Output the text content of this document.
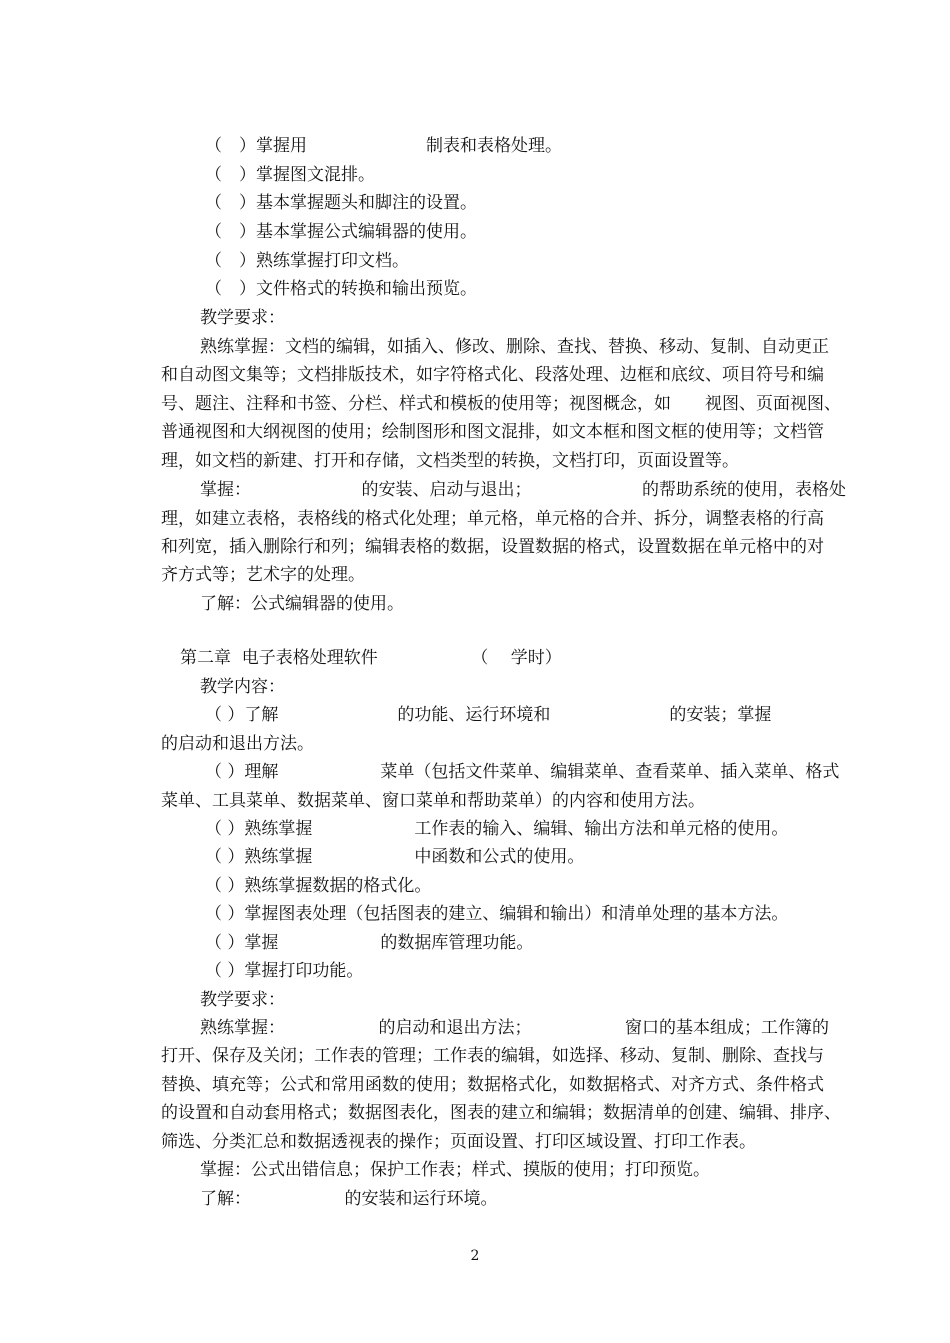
（　）掌握用　　　　　　　制表和表格处理。
（　）掌握图文混排。
（　）基本掌握题头和脚注的设置。
（　）基本掌握公式编辑器的使用。
（　）熟练掌握打印文档。
（　）文件格式的转换和输出预览。
教学要求：
熟练掌握：文档的编辑，如插入、修改、删除、查找、替换、移动、复制、自动更正
和自动图文集等；文档排版技术，如字符格式化、段落处理、边框和底纹、项目符号和编
号、题注、注释和书签、分栏、样式和模板的使用等；视图概念，如　　视图、页面视图、
普通视图和大纲视图的使用；绘制图形和图文混排，如文本框和图文框的使用等；文档管
理，如文档的新建、打开和存储，文档类型的转换，文档打印，页面设置等。
掌握：　　　　　　　的安装、启动与退出；　　　　　　　的帮助系统的使用，表格处
理，如建立表格，表格线的格式化处理；单元格，单元格的合并、拆分，调整表格的行高
和列宽，插入删除行和列；编辑表格的数据，设置数据的格式，设置数据在单元格中的对
齐方式等；艺术字的处理。
了解：公式编辑器的使用。
第二章  电子表格处理软件　　　　　　（　 学时）
教学内容：
（ ）了解　　　　　　　的功能、运行环境和　　　　　　　的安装；掌握
的启动和退出方法。
（ ）理解　　　　　　菜单（包括文件菜单、编辑菜单、查看菜单、插入菜单、格式
菜单、工具菜单、数据菜单、窗口菜单和帮助菜单）的内容和使用方法。
（ ）熟练掌握　　　　　　工作表的输入、编辑、输出方法和单元格的使用。
（ ）熟练掌握　　　　　　中函数和公式的使用。
（ ）熟练掌握数据的格式化。
（ ）掌握图表处理（包括图表的建立、编辑和输出）和清单处理的基本方法。
（ ）掌握　　　　　　的数据库管理功能。
（ ）掌握打印功能。
教学要求：
熟练掌握：　　　　　　的启动和退出方法；　　　　　　窗口的基本组成；工作簿的
打开、保存及关闭；工作表的管理；工作表的编辑，如选择、移动、复制、删除、查找与
替换、填充等；公式和常用函数的使用；数据格式化，如数据格式、对齐方式、条件格式
的设置和自动套用格式；数据图表化，图表的建立和编辑；数据清单的创建、编辑、排序、
筛选、分类汇总和数据透视表的操作；页面设置、打印区域设置、打印工作表。
掌握：公式出错信息；保护工作表；样式、摸版的使用；打印预览。
了解：　　　　　　的安装和运行环境。
2
